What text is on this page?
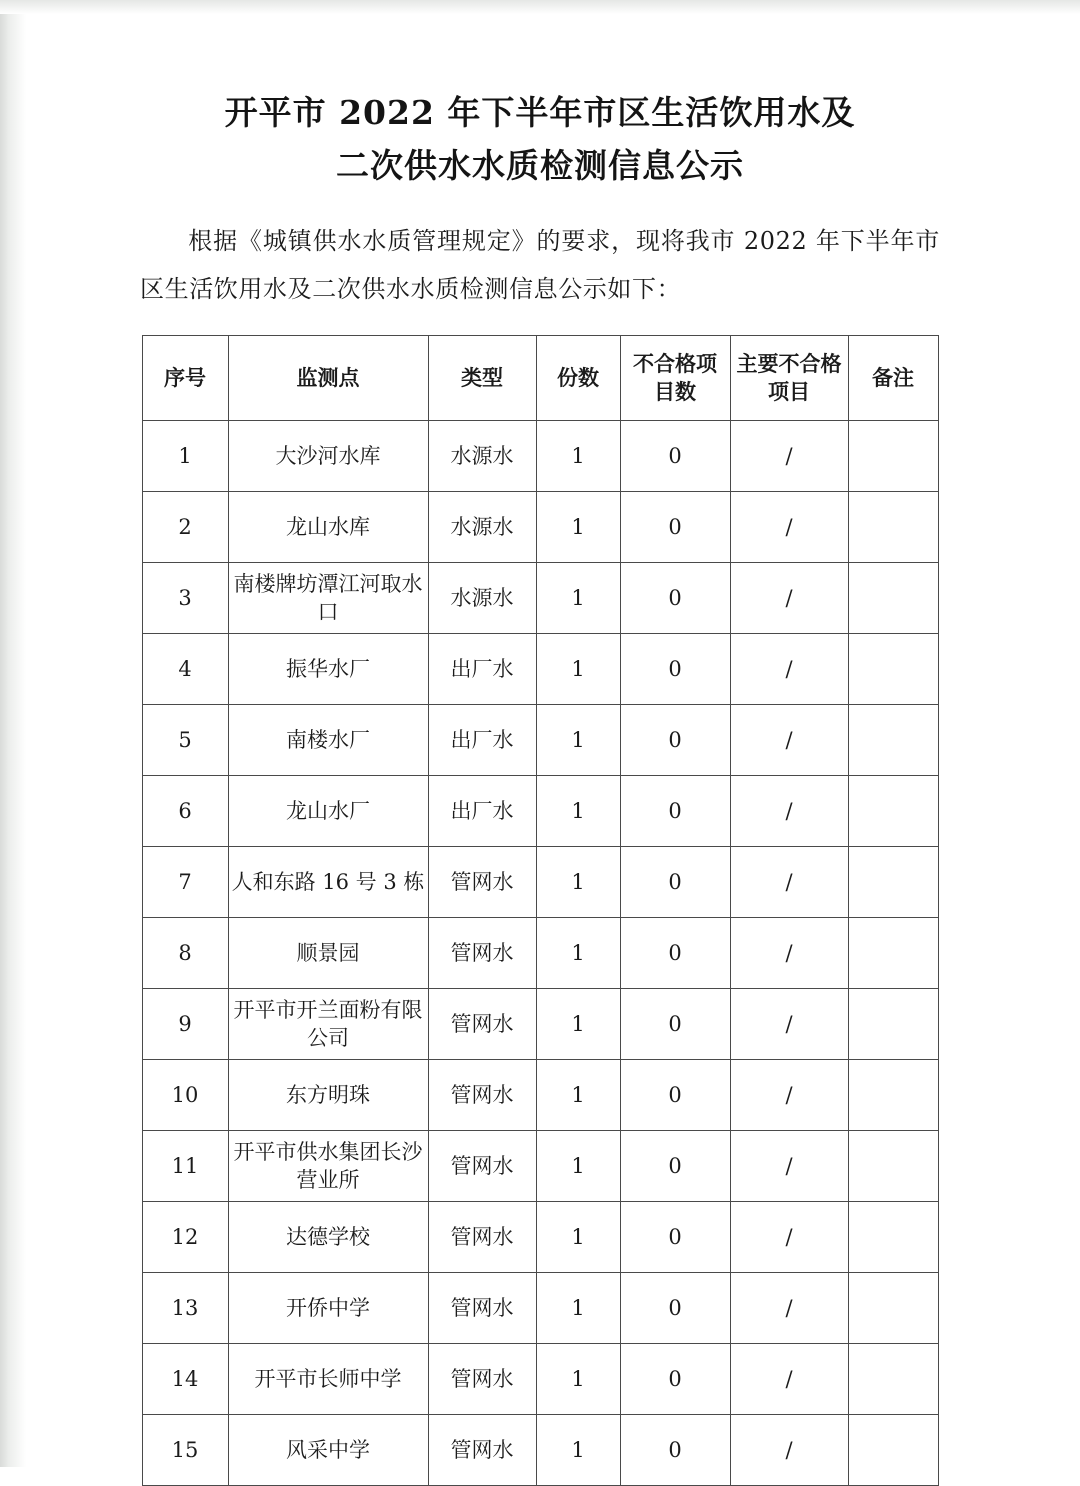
开平市 2022 年下半年市区生活饮用水及
二次供水水质检测信息公示

根据《城镇供水水质管理规定》的要求，现将我市 2022 年下半年市区生活饮用水及二次供水水质检测信息公示如下：

序号	监测点	类型	份数	不合格项目数	主要不合格项目	备注
1	大沙河水库	水源水	1	0	/	
2	龙山水库	水源水	1	0	/	
3	南楼牌坊潭江河取水口	水源水	1	0	/	
4	振华水厂	出厂水	1	0	/	
5	南楼水厂	出厂水	1	0	/	
6	龙山水厂	出厂水	1	0	/	
7	人和东路 16 号 3 栋	管网水	1	0	/	
8	顺景园	管网水	1	0	/	
9	开平市开兰面粉有限公司	管网水	1	0	/	
10	东方明珠	管网水	1	0	/	
11	开平市供水集团长沙营业所	管网水	1	0	/	
12	达德学校	管网水	1	0	/	
13	开侨中学	管网水	1	0	/	
14	开平市长师中学	管网水	1	0	/	
15	风采中学	管网水	1	0	/	
